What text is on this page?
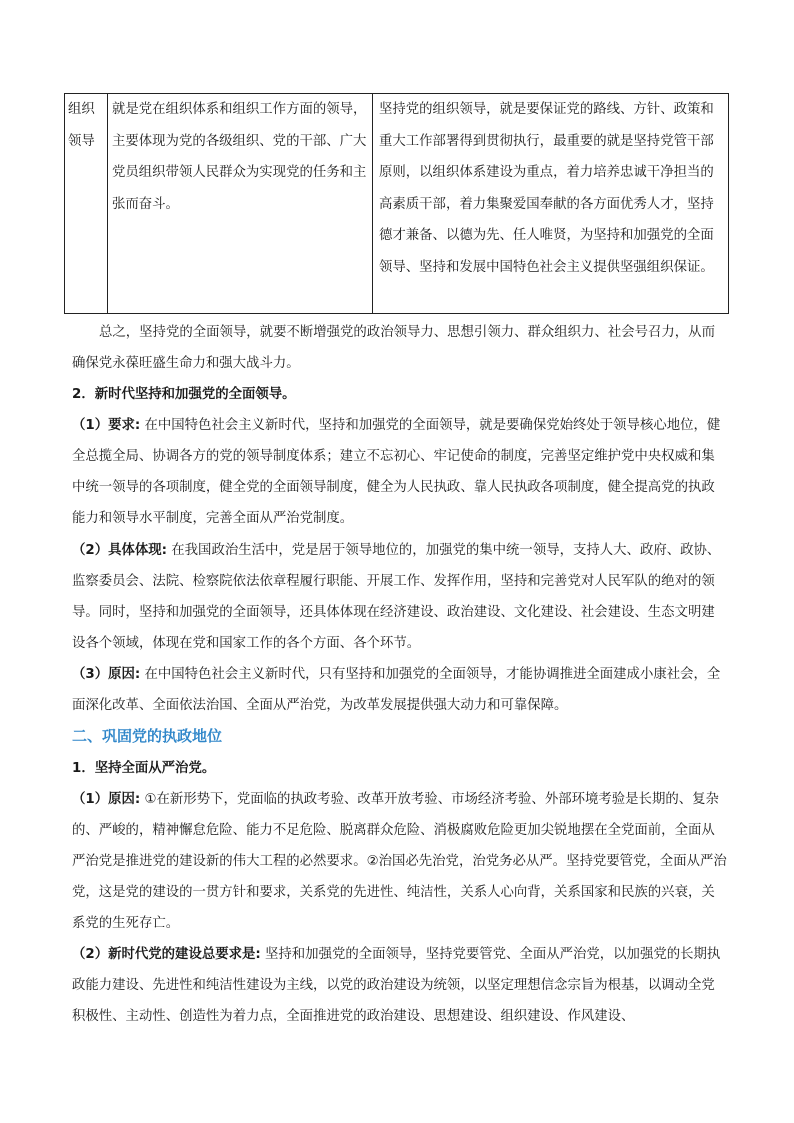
组织领导	就是党在组织体系和组织工作方面的领导，主要体现为党的各级组织、党的干部、广大党员组织带领人民群众为实现党的任务和主张而奋斗。	坚持党的组织领导，就是要保证党的路线、方针、政策和重大工作部署得到贯彻执行，最重要的就是坚持党管干部原则，以组织体系建设为重点，着力培养忠诚干净担当的高素质干部，着力集聚爱国奉献的各方面优秀人才，坚持德才兼备、以德为先、任人唯贤，为坚持和加强党的全面领导、坚持和发展中国特色社会主义提供坚强组织保证。

总之，坚持党的全面领导，就要不断增强党的政治领导力、思想引领力、群众组织力、社会号召力，从而确保党永葆旺盛生命力和强大战斗力。

2．新时代坚持和加强党的全面领导。

（1）要求: 在中国特色社会主义新时代，坚持和加强党的全面领导，就是要确保党始终处于领导核心地位，健全总揽全局、协调各方的党的领导制度体系；建立不忘初心、牢记使命的制度，完善坚定维护党中央权威和集中统一领导的各项制度，健全党的全面领导制度，健全为人民执政、靠人民执政各项制度，健全提高党的执政能力和领导水平制度，完善全面从严治党制度。

（2）具体体现: 在我国政治生活中，党是居于领导地位的，加强党的集中统一领导，支持人大、政府、政协、监察委员会、法院、检察院依法依章程履行职能、开展工作、发挥作用，坚持和完善党对人民军队的绝对的领导。同时，坚持和加强党的全面领导，还具体体现在经济建设、政治建设、文化建设、社会建设、生态文明建设各个领域，体现在党和国家工作的各个方面、各个环节。

（3）原因: 在中国特色社会主义新时代，只有坚持和加强党的全面领导，才能协调推进全面建成小康社会，全面深化改革、全面依法治国、全面从严治党，为改革发展提供强大动力和可靠保障。

二、巩固党的执政地位

1．坚持全面从严治党。

（1）原因: ①在新形势下，党面临的执政考验、改革开放考验、市场经济考验、外部环境考验是长期的、复杂的、严峻的，精神懈怠危险、能力不足危险、脱离群众危险、消极腐败危险更加尖锐地摆在全党面前，全面从严治党是推进党的建设新的伟大工程的必然要求。②治国必先治党，治党务必从严。坚持党要管党，全面从严治党，这是党的建设的一贯方针和要求，关系党的先进性、纯洁性，关系人心向背，关系国家和民族的兴衰，关系党的生死存亡。

（2）新时代党的建设总要求是: 坚持和加强党的全面领导，坚持党要管党、全面从严治党，以加强党的长期执政能力建设、先进性和纯洁性建设为主线，以党的政治建设为统领，以坚定理想信念宗旨为根基，以调动全党积极性、主动性、创造性为着力点，全面推进党的政治建设、思想建设、组织建设、作风建设、
